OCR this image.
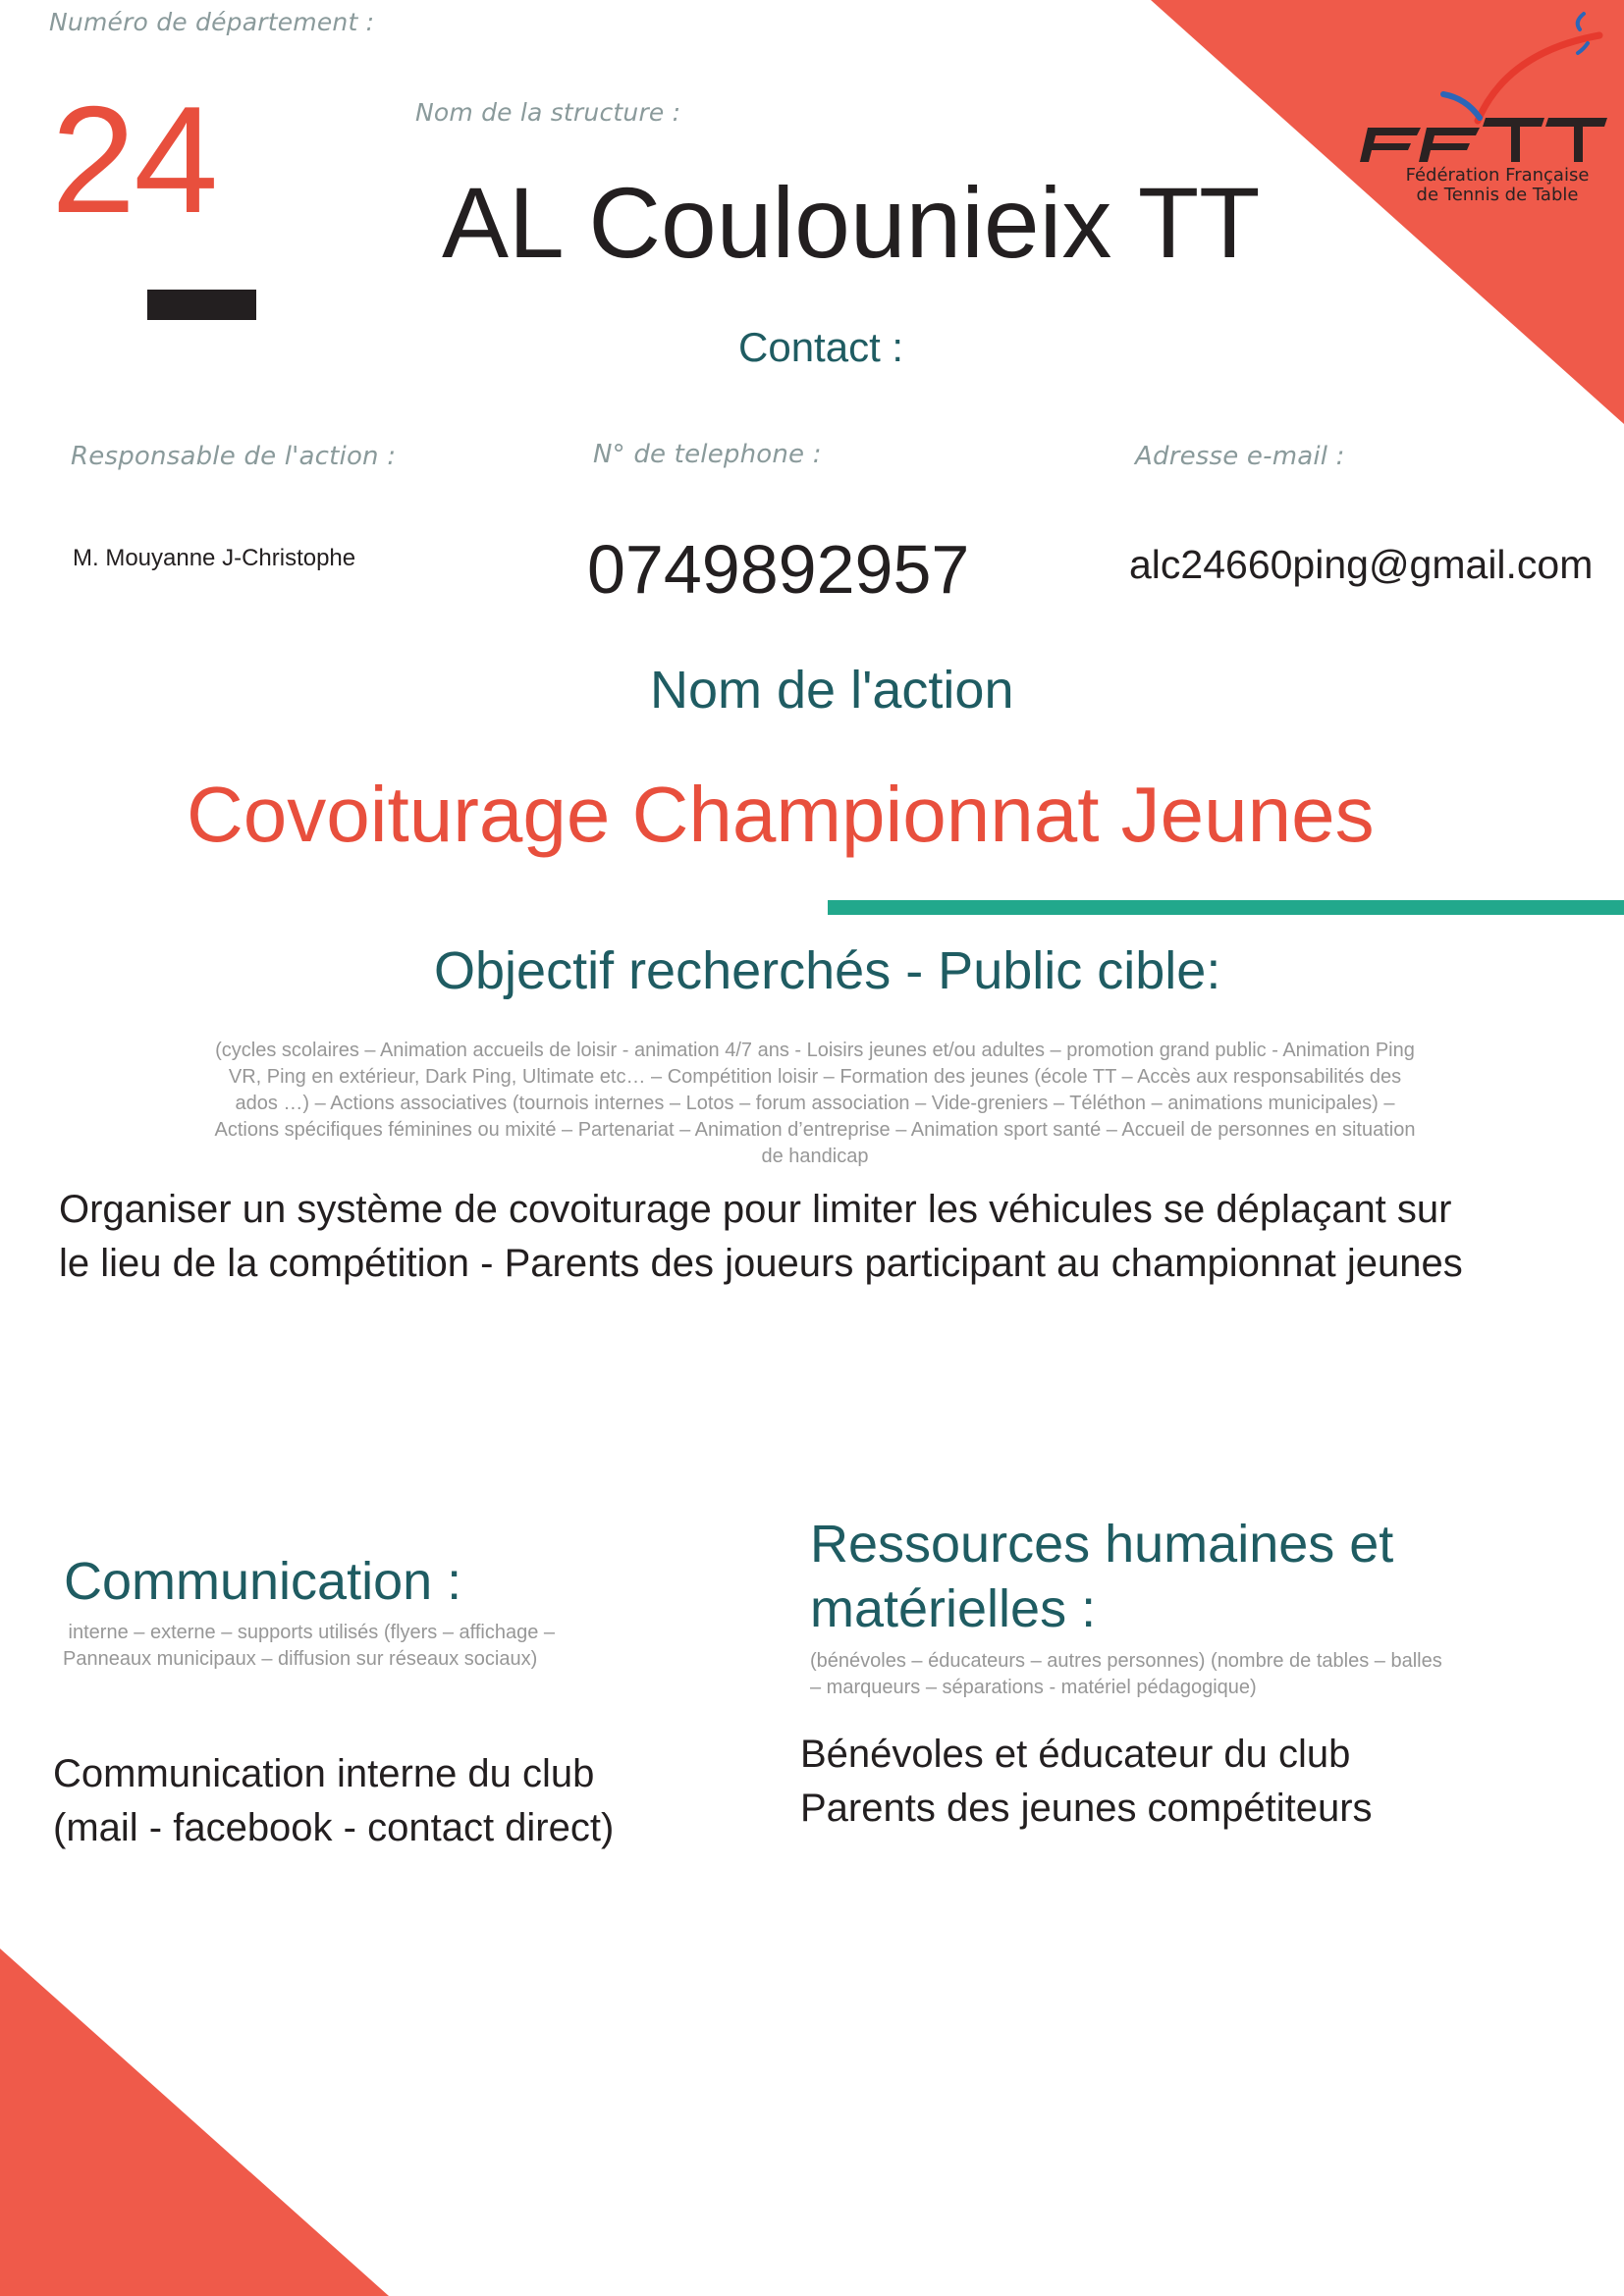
Fédération Française
de Tennis de Table
Numéro de département :
24	Nom de la structure :
AL Coulounieix TT
Contact :
Responsable de l'action :	N° de telephone :	Adresse e-mail :
M. Mouyanne J-Christophe	0749892957	alc24660ping@gmail.com
Nom de l'action
Covoiturage Championnat Jeunes
Objectif recherchés - Public cible:
(cycles scolaires – Animation accueils de loisir - animation 4/7 ans - Loisirs jeunes et/ou adultes – promotion grand public - Animation Ping
VR, Ping en extérieur, Dark Ping, Ultimate etc… – Compétition loisir – Formation des jeunes (école TT – Accès aux responsabilités des
ados …) – Actions associatives (tournois internes – Lotos – forum association – Vide-greniers – Téléthon – animations municipales) –
Actions spécifiques féminines ou mixité – Partenariat – Animation d’entreprise – Animation sport santé – Accueil de personnes en situation
de handicap
Organiser un système de covoiturage pour limiter les véhicules se déplaçant sur
le lieu de la compétition - Parents des joueurs participant au championnat jeunes
Communication :
interne – externe – supports utilisés (flyers – affichage –
Panneaux municipaux – diffusion sur réseaux sociaux)
Communication interne du club
(mail - facebook - contact direct)
Ressources humaines et
matérielles :
(bénévoles – éducateurs – autres personnes) (nombre de tables – balles
– marqueurs – séparations - matériel pédagogique)
Bénévoles et éducateur du club
Parents des jeunes compétiteurs
